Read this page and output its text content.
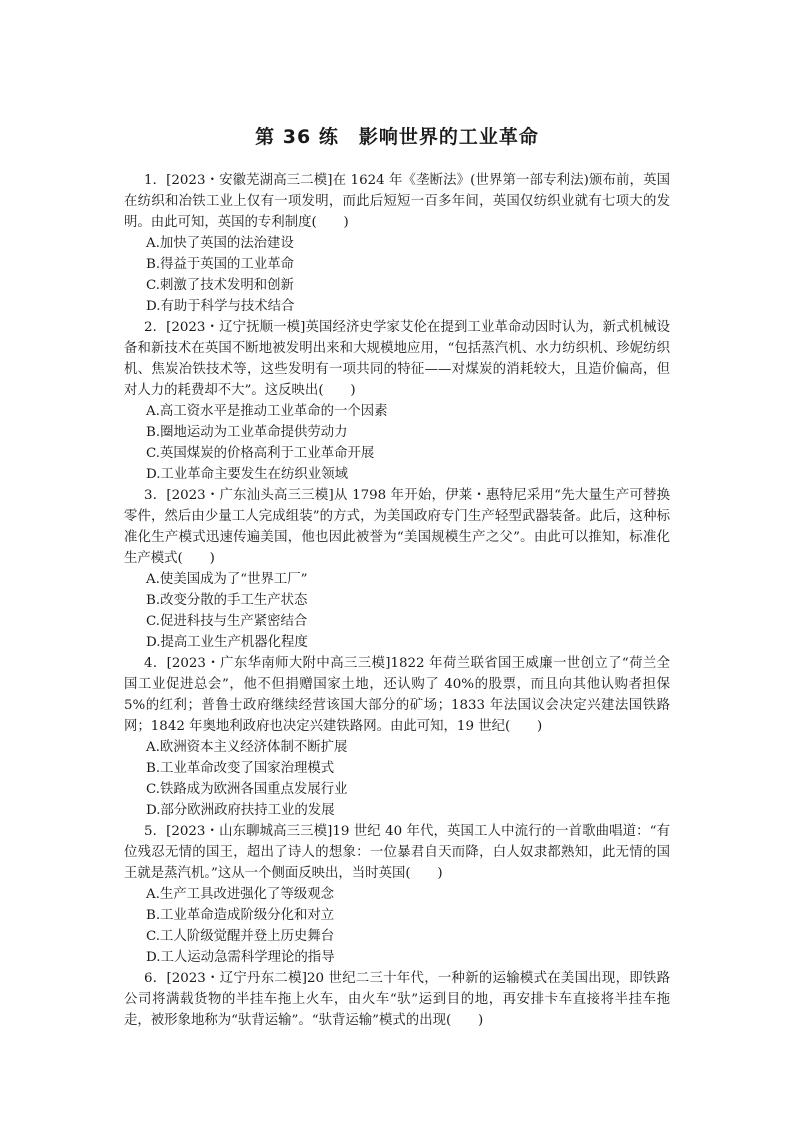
第 36 练　影响世界的工业革命
1．[2023・安徽芜湖高三二模]在 1624 年《垄断法》(世界第一部专利法)颁布前，英国在纺织和冶铁工业上仅有一项发明，而此后短短一百多年间，英国仅纺织业就有七项大的发明。由此可知，英国的专利制度(　　)
A.加快了英国的法治建设
B.得益于英国的工业革命
C.刺激了技术发明和创新
D.有助于科学与技术结合
2．[2023・辽宁抚顺一模]英国经济史学家艾伦在提到工业革命动因时认为，新式机械设备和新技术在英国不断地被发明出来和大规模地应用，“包括蒸汽机、水力纺织机、珍妮纺织机、焦炭冶铁技术等，这些发明有一项共同的特征——对煤炭的消耗较大，且造价偏高，但对人力的耗费却不大”。这反映出(　　)
A.高工资水平是推动工业革命的一个因素
B.圈地运动为工业革命提供劳动力
C.英国煤炭的价格高利于工业革命开展
D.工业革命主要发生在纺织业领域
3．[2023・广东汕头高三三模]从 1798 年开始，伊莱・惠特尼采用“先大量生产可替换零件，然后由少量工人完成组装”的方式，为美国政府专门生产轻型武器装备。此后，这种标准化生产模式迅速传遍美国，他也因此被誉为“美国规模生产之父”。由此可以推知，标准化生产模式(　　)
A.使美国成为了“世界工厂”
B.改变分散的手工生产状态
C.促进科技与生产紧密结合
D.提高工业生产机器化程度
4．[2023・广东华南师大附中高三三模]1822 年荷兰联省国王威廉一世创立了“荷兰全国工业促进总会”，他不但捐赠国家土地，还认购了 40%的股票，而且向其他认购者担保 5%的红利；普鲁士政府继续经营该国大部分的矿场；1833 年法国议会决定兴建法国铁路网；1842 年奥地利政府也决定兴建铁路网。由此可知，19 世纪(　　)
A.欧洲资本主义经济体制不断扩展
B.工业革命改变了国家治理模式
C.铁路成为欧洲各国重点发展行业
D.部分欧洲政府扶持工业的发展
5．[2023・山东聊城高三三模]19 世纪 40 年代，英国工人中流行的一首歌曲唱道：“有位残忍无情的国王，超出了诗人的想象：一位暴君自天而降，白人奴隶都熟知，此无情的国王就是蒸汽机。”这从一个侧面反映出，当时英国(　　)
A.生产工具改进强化了等级观念
B.工业革命造成阶级分化和对立
C.工人阶级觉醒并登上历史舞台
D.工人运动急需科学理论的指导
6．[2023・辽宁丹东二模]20 世纪二三十年代，一种新的运输模式在美国出现，即铁路公司将满载货物的半挂车拖上火车，由火车“驮”运到目的地，再安排卡车直接将半挂车拖走，被形象地称为“驮背运输”。“驮背运输”模式的出现(　　)
